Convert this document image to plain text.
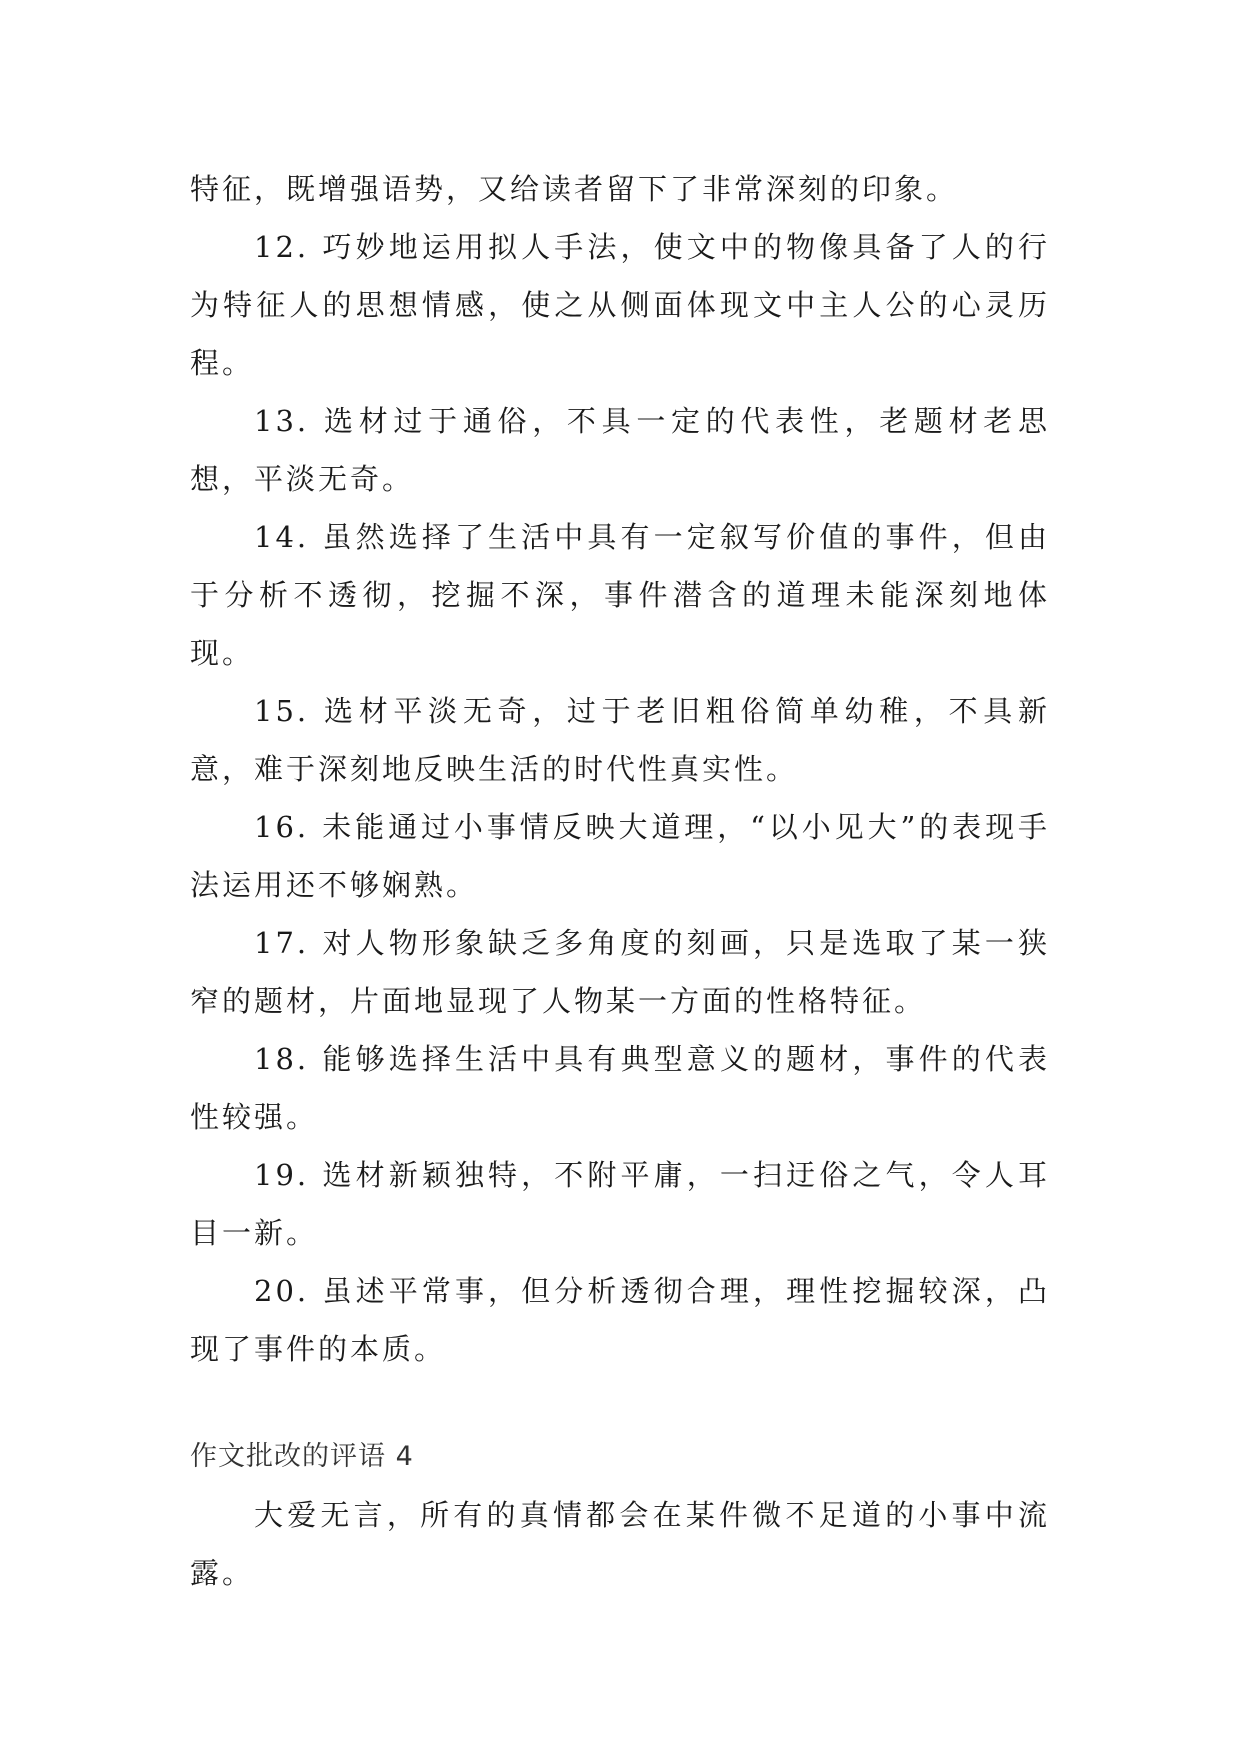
特征，既增强语势，又给读者留下了非常深刻的印象。

12. 巧妙地运用拟人手法，使文中的物像具备了人的行为特征人的思想情感，使之从侧面体现文中主人公的心灵历程。

13. 选材过于通俗，不具一定的代表性，老题材老思想，平淡无奇。

14. 虽然选择了生活中具有一定叙写价值的事件，但由于分析不透彻，挖掘不深，事件潜含的道理未能深刻地体现。

15. 选材平淡无奇，过于老旧粗俗简单幼稚，不具新意，难于深刻地反映生活的时代性真实性。

16. 未能通过小事情反映大道理，“以小见大”的表现手法运用还不够娴熟。

17. 对人物形象缺乏多角度的刻画，只是选取了某一狭窄的题材，片面地显现了人物某一方面的性格特征。

18. 能够选择生活中具有典型意义的题材，事件的代表性较强。

19. 选材新颖独特，不附平庸，一扫迂俗之气，令人耳目一新。

20. 虽述平常事，但分析透彻合理，理性挖掘较深，凸现了事件的本质。

作文批改的评语 4

大爱无言，所有的真情都会在某件微不足道的小事中流露。
